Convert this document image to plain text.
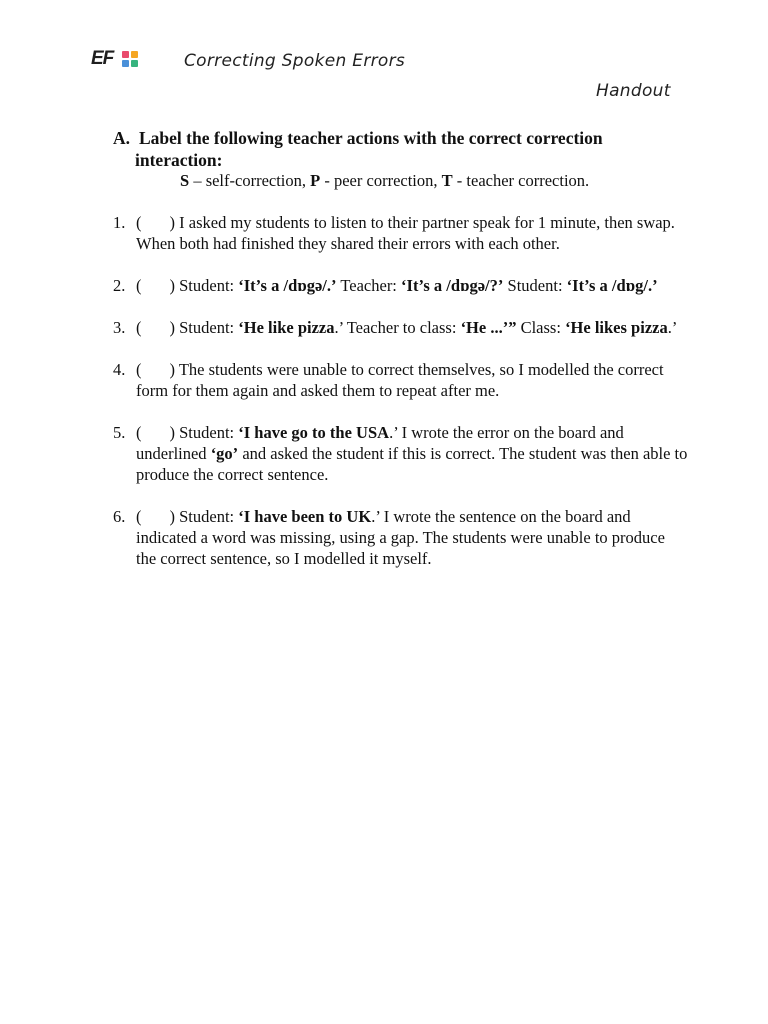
EF	Correcting Spoken Errors
Handout
A. Label the following teacher actions with the correct correction
interaction:
S – self-correction, P - peer correction, T - teacher correction.
1. ( ) I asked my students to listen to their partner speak for 1 minute, then swap. When both had finished they shared their errors with each other.
2. ( ) Student: ‘It’s a /dɒgə/.’ Teacher: ‘It’s a /dɒgə/?’ Student: ‘It’s a /dɒg/.’
3. ( ) Student: ‘He like pizza.’ Teacher to class: ‘He ...’” Class: ‘He likes pizza.’
4. ( ) The students were unable to correct themselves, so I modelled the correct form for them again and asked them to repeat after me.
5. ( ) Student: ‘I have go to the USA.’ I wrote the error on the board and underlined ‘go’ and asked the student if this is correct. The student was then able to produce the correct sentence.
6. ( ) Student: ‘I have been to UK.’ I wrote the sentence on the board and indicated a word was missing, using a gap. The students were unable to produce the correct sentence, so I modelled it myself.
